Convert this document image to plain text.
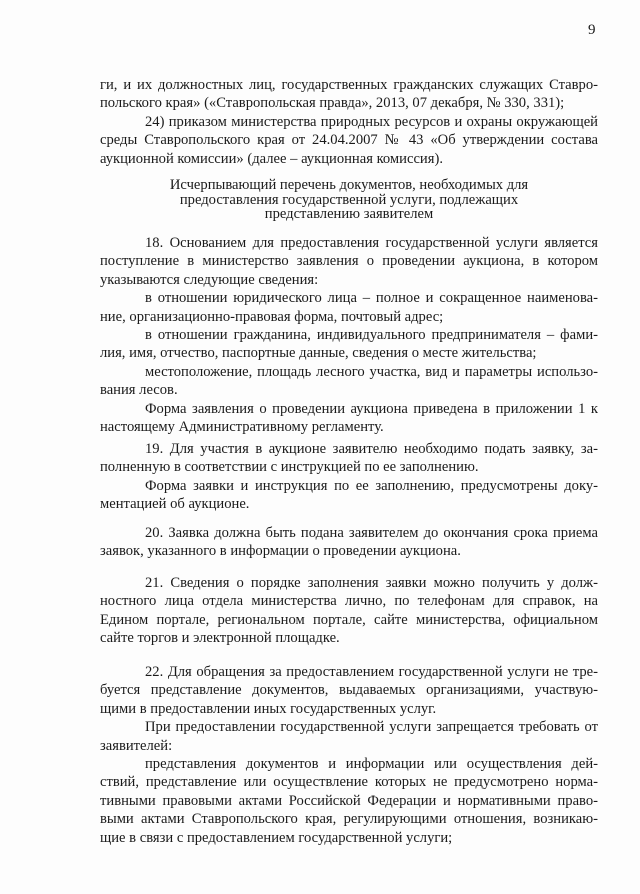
9
ги, и их должностных лиц, государственных гражданских служащих Ставро-
польского края» («Ставропольская правда», 2013, 07 декабря, № 330, 331);
24) приказом министерства природных ресурсов и охраны окружающей
среды Ставропольского края от 24.04.2007 № 43 «Об утверждении состава
аукционной комиссии» (далее – аукционная комиссия).
Исчерпывающий перечень документов, необходимых для
предоставления государственной услуги, подлежащих
представлению заявителем
18. Основанием для предоставления государственной услуги является
поступление в министерство заявления о проведении аукциона, в котором
указываются следующие сведения:
в отношении юридического лица – полное и сокращенное наименова-
ние, организационно-правовая форма, почтовый адрес;
в отношении гражданина, индивидуального предпринимателя – фами-
лия, имя, отчество, паспортные данные, сведения о месте жительства;
местоположение, площадь лесного участка, вид и параметры использо-
вания лесов.
Форма заявления о проведении аукциона приведена в приложении 1 к
настоящему Административному регламенту.
19. Для участия в аукционе заявителю необходимо подать заявку, за-
полненную в соответствии с инструкцией по ее заполнению.
Форма заявки и инструкция по ее заполнению, предусмотрены доку-
ментацией об аукционе.
20. Заявка должна быть подана заявителем до окончания срока приема
заявок, указанного в информации о проведении аукциона.
21. Сведения о порядке заполнения заявки можно получить у долж-
ностного лица отдела министерства лично, по телефонам для справок, на
Едином портале, региональном портале, сайте министерства, официальном
сайте торгов и электронной площадке.
22. Для обращения за предоставлением государственной услуги не тре-
буется представление документов, выдаваемых организациями, участвую-
щими в предоставлении иных государственных услуг.
При предоставлении государственной услуги запрещается требовать от
заявителей:
представления документов и информации или осуществления дей-
ствий, представление или осуществление которых не предусмотрено норма-
тивными правовыми актами Российской Федерации и нормативными право-
выми актами Ставропольского края, регулирующими отношения, возникаю-
щие в связи с предоставлением государственной услуги;
